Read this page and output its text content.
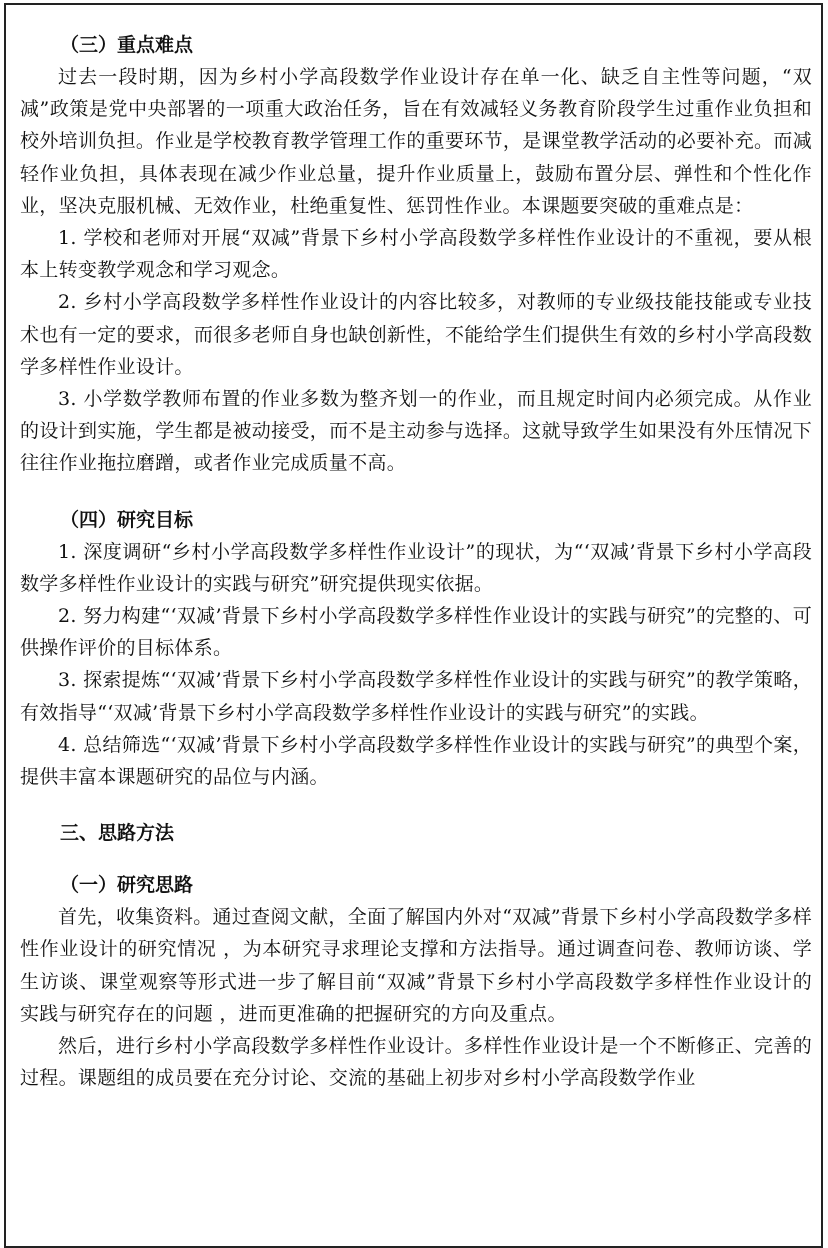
（三）重点难点

过去一段时期，因为乡村小学高段数学作业设计存在单一化、缺乏自主性等问题，“双减”政策是党中央部署的一项重大政治任务，旨在有效减轻义务教育阶段学生过重作业负担和校外培训负担。作业是学校教育教学管理工作的重要环节，是课堂教学活动的必要补充。而减轻作业负担，具体表现在减少作业总量，提升作业质量上，鼓励布置分层、弹性和个性化作业，坚决克服机械、无效作业，杜绝重复性、惩罚性作业。本课题要突破的重难点是：

1. 学校和老师对开展“双减”背景下乡村小学高段数学多样性作业设计的不重视，要从根本上转变教学观念和学习观念。

2. 乡村小学高段数学多样性作业设计的内容比较多，对教师的专业级技能技能或专业技术也有一定的要求，而很多老师自身也缺创新性，不能给学生们提供生有效的乡村小学高段数学多样性作业设计。

3. 小学数学教师布置的作业多数为整齐划一的作业，而且规定时间内必须完成。从作业的设计到实施，学生都是被动接受，而不是主动参与选择。这就导致学生如果没有外压情况下往往作业拖拉磨蹭，或者作业完成质量不高。

（四）研究目标

1. 深度调研“乡村小学高段数学多样性作业设计”的现状，为“‘双减’背景下乡村小学高段数学多样性作业设计的实践与研究”研究提供现实依据。

2. 努力构建“‘双减’背景下乡村小学高段数学多样性作业设计的实践与研究”的完整的、可供操作评价的目标体系。

3. 探索提炼“‘双减’背景下乡村小学高段数学多样性作业设计的实践与研究”的教学策略，有效指导“‘双减’背景下乡村小学高段数学多样性作业设计的实践与研究”的实践。

4. 总结筛选“‘双减’背景下乡村小学高段数学多样性作业设计的实践与研究”的典型个案，提供丰富本课题研究的品位与内涵。

三、思路方法
（一）研究思路

首先，收集资料。通过查阅文献，全面了解国内外对“双减”背景下乡村小学高段数学多样性作业设计的研究情况 ，为本研究寻求理论支撑和方法指导。通过调查问卷、教师访谈、学生访谈、课堂观察等形式进一步了解目前“双减”背景下乡村小学高段数学多样性作业设计的实践与研究存在的问题 ，进而更准确的把握研究的方向及重点。

然后，进行乡村小学高段数学多样性作业设计。多样性作业设计是一个不断修正、完善的过程。课题组的成员要在充分讨论、交流的基础上初步对乡村小学高段数学作业
